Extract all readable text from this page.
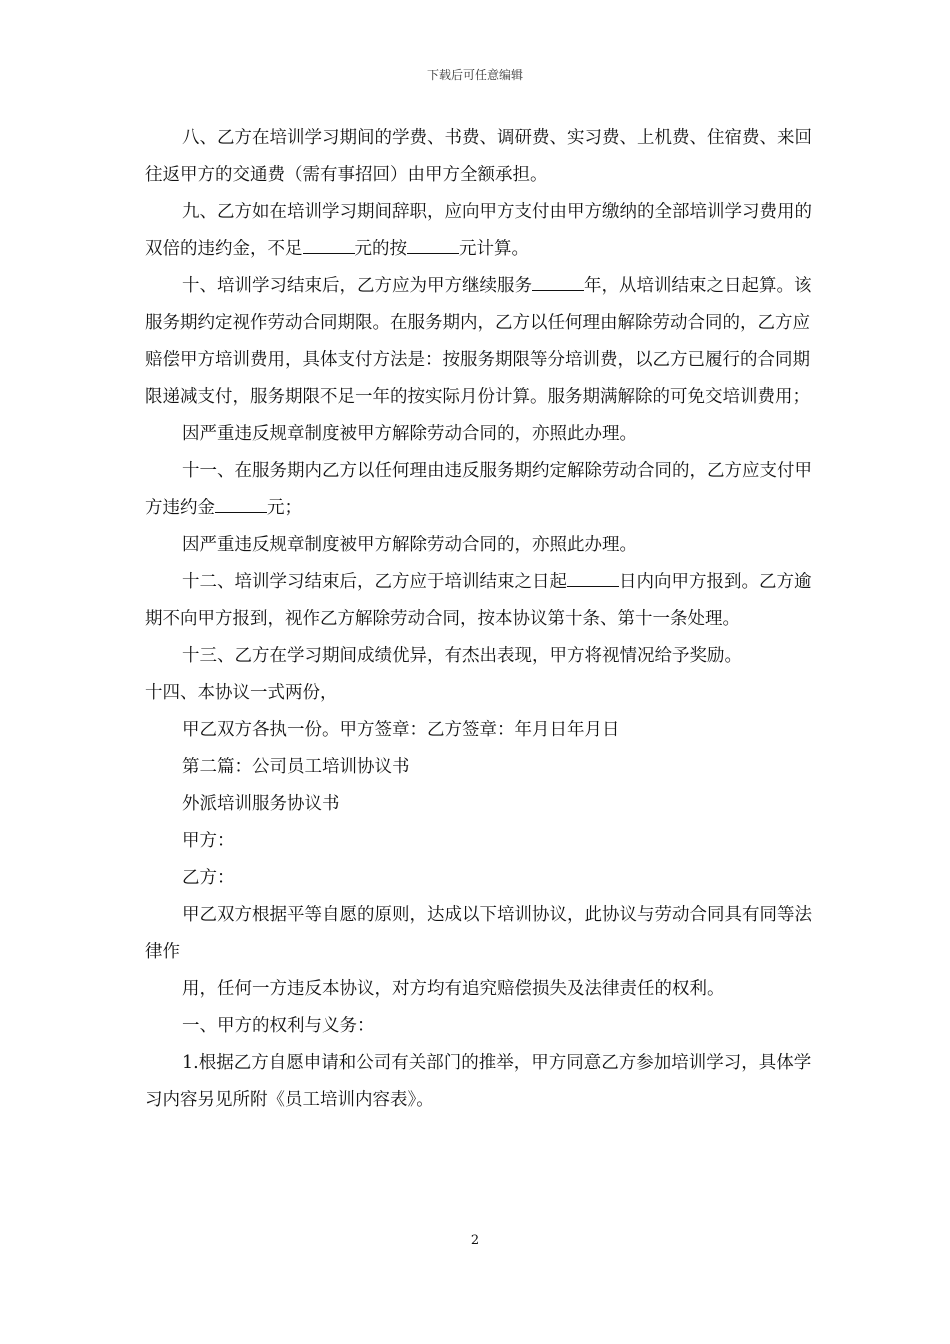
下载后可任意编辑

八、乙方在培训学习期间的学费、书费、调研费、实习费、上机费、住宿费、来回往返甲方的交通费（需有事招回）由甲方全额承担。

九、乙方如在培训学习期间辞职，应向甲方支付由甲方缴纳的全部培训学习费用的双倍的违约金，不足	元的按	元计算。

十、培训学习结束后，乙方应为甲方继续服务	年，从培训结束之日起算。该服务期约定视作劳动合同期限。在服务期内，乙方以任何理由解除劳动合同的，乙方应赔偿甲方培训费用，具体支付方法是：按服务期限等分培训费，以乙方已履行的合同期限递减支付，服务期限不足一年的按实际月份计算。服务期满解除的可免交培训费用；

因严重违反规章制度被甲方解除劳动合同的，亦照此办理。

十一、在服务期内乙方以任何理由违反服务期约定解除劳动合同的，乙方应支付甲方违约金	元；

因严重违反规章制度被甲方解除劳动合同的，亦照此办理。

十二、培训学习结束后，乙方应于培训结束之日起	日内向甲方报到。乙方逾期不向甲方报到，视作乙方解除劳动合同，按本协议第十条、第十一条处理。

十三、乙方在学习期间成绩优异，有杰出表现，甲方将视情况给予奖励。

十四、本协议一式两份，

甲乙双方各执一份。甲方签章：乙方签章：年月日年月日

第二篇：公司员工培训协议书

外派培训服务协议书

甲方：

乙方：

甲乙双方根据平等自愿的原则，达成以下培训协议，此协议与劳动合同具有同等法律作

用，任何一方违反本协议，对方均有追究赔偿损失及法律责任的权利。

一、甲方的权利与义务：

1.根据乙方自愿申请和公司有关部门的推举，甲方同意乙方参加培训学习，具体学习内容另见所附《员工培训内容表》。

2
